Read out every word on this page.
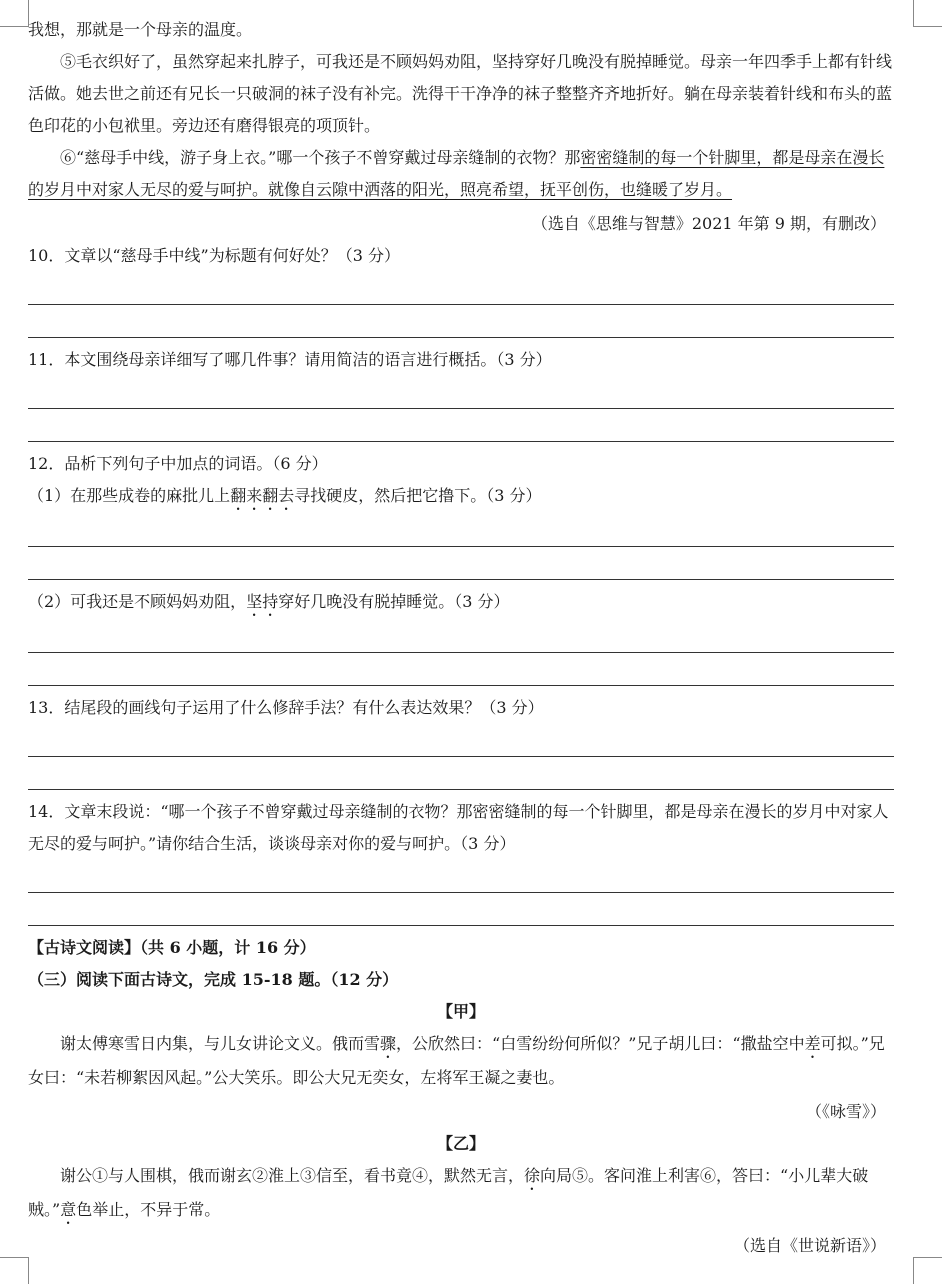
我想，那就是一个母亲的温度。

⑤毛衣织好了，虽然穿起来扎脖子，可我还是不顾妈妈劝阻，坚持穿好几晚没有脱掉睡觉。母亲一年四季手上都有针线活做。她去世之前还有兄长一只破洞的袜子没有补完。洗得干干净净的袜子整整齐齐地折好。躺在母亲装着针线和布头的蓝色印花的小包袱里。旁边还有磨得银亮的项顶针。

⑥“慈母手中线，游子身上衣。”哪一个孩子不曾穿戴过母亲缝制的衣物？那密密缝制的每一个针脚里，都是母亲在漫长的岁月中对家人无尽的爱与呵护。就像自云隙中洒落的阳光，照亮希望，抚平创伤，也缝暖了岁月。

（选自《思维与智慧》2021 年第 9 期，有删改）

10．文章以“慈母手中线”为标题有何好处？（3 分）

11．本文围绕母亲详细写了哪几件事？请用简洁的语言进行概括。（3 分）

12．品析下列句子中加点的词语。（6 分）

（1）在那些成卷的麻批儿上翻来翻去寻找硬皮，然后把它撸下。（3 分）

（2）可我还是不顾妈妈劝阻，坚持穿好几晚没有脱掉睡觉。（3 分）

13．结尾段的画线句子运用了什么修辞手法？有什么表达效果？（3 分）

14．文章末段说：“哪一个孩子不曾穿戴过母亲缝制的衣物？那密密缝制的每一个针脚里，都是母亲在漫长的岁月中对家人无尽的爱与呵护。”请你结合生活，谈谈母亲对你的爱与呵护。（3 分）

【古诗文阅读】（共 6 小题，计 16 分）

（三）阅读下面古诗文，完成 15-18 题。（12 分）

【甲】

谢太傅寒雪日内集，与儿女讲论文义。俄而雪骤，公欣然曰：“白雪纷纷何所似？”兄子胡儿曰：“撒盐空中差可拟。”兄女曰：“未若柳絮因风起。”公大笑乐。即公大兄无奕女，左将军王凝之妻也。

（《咏雪》）

【乙】

谢公①与人围棋，俄而谢玄②淮上③信至，看书竟④，默然无言，徐向局⑤。客问淮上利害⑥，答曰：“小儿辈大破贼。”意色举止，不异于常。

（选自《世说新语》）
